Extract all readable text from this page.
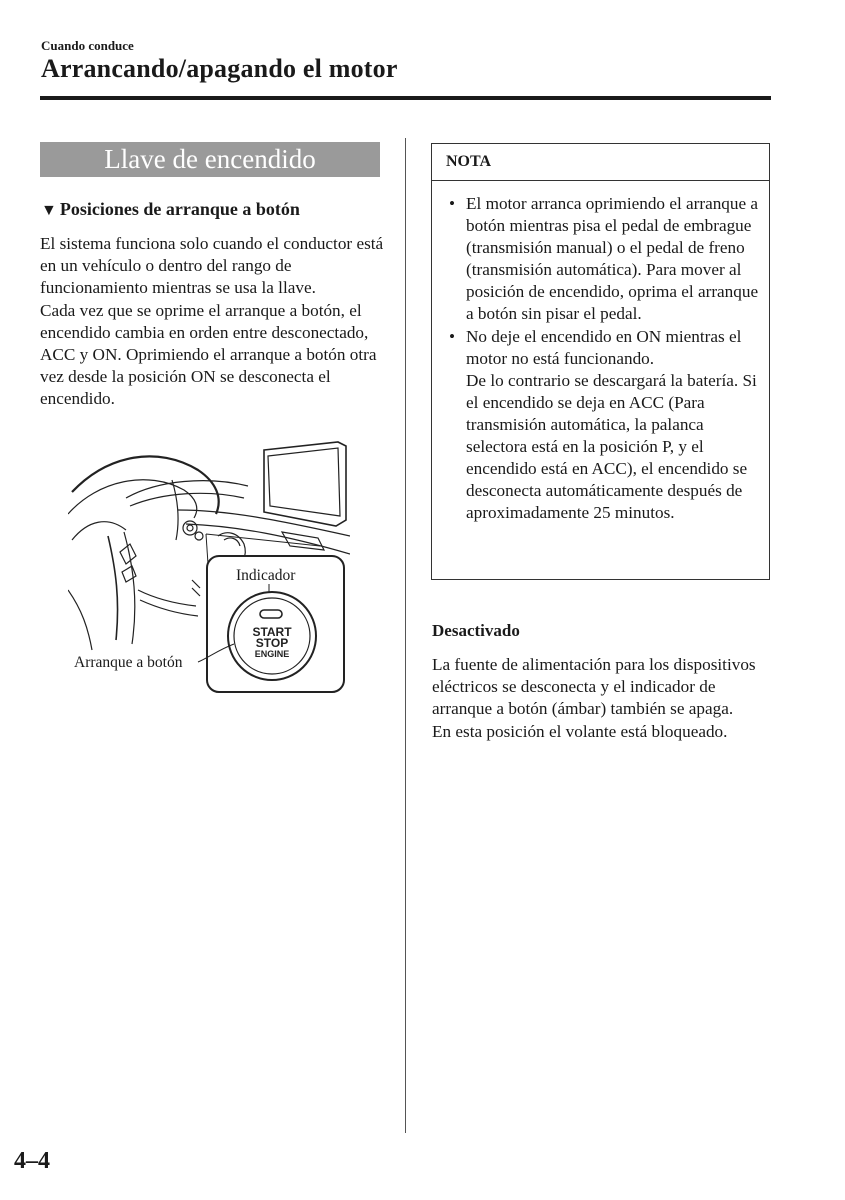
Cuando conduce
Arrancando/apagando el motor
Llave de encendido
▼ Posiciones de arranque a botón

El sistema funciona solo cuando el conductor está en un vehículo o dentro del rango de funcionamiento mientras se usa la llave.

Cada vez que se oprime el arranque a botón, el encendido cambia en orden entre desconectado, ACC y ON. Oprimiendo el arranque a botón otra vez desde la posición ON se desconecta el encendido.

START
STOP
ENGINE
Indicador
Arranque a botón
NOTA
• El motor arranca oprimiendo el arranque a botón mientras pisa el pedal de embrague (transmisión manual) o el pedal de freno (transmisión automática). Para mover al posición de encendido, oprima el arranque a botón sin pisar el pedal.

• No deje el encendido en ON mientras el motor no está funcionando.

De lo contrario se descargará la batería. Si el encendido se deja en ACC (Para transmisión automática, la palanca selectora está en la posición P, y el encendido está en ACC), el encendido se desconecta automáticamente después de aproximadamente 25 minutos.

Desactivado

La fuente de alimentación para los dispositivos eléctricos se desconecta y el indicador de arranque a botón (ámbar) también se apaga.

En esta posición el volante está bloqueado.

4–4
